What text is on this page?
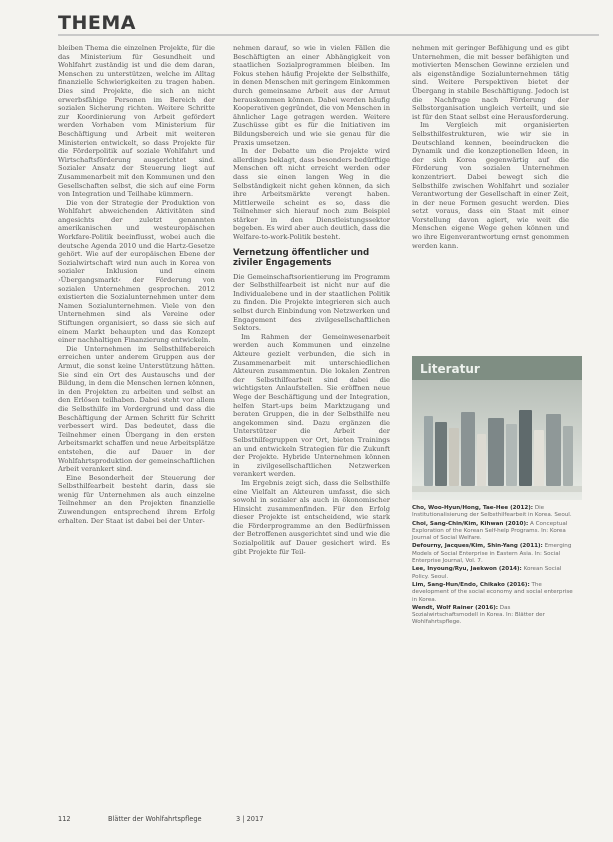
THEMA

bleiben Thema die einzelnen Projekte, für die das Ministerium für Gesundheit und Wohlfahrt zuständig ist und die dem daran, Menschen zu unterstützen, welche im Alltag finanzielle Schwierigkeiten zu tragen haben. Dies sind Projekte, die sich an nicht erwerbsfähige Personen im Bereich der sozialen Sicherung richten. Weitere Schritte zur Koordinierung von Arbeit gefördert werden Vorhaben vom Ministerium für Beschäftigung und Arbeit mit weiteren Ministerien entwickelt, so dass Projekte für die Förderpolitik auf soziale Wohlfahrt und Wirtschaftsförderung ausgerichtet sind. Sozialer Ansatz der Steuerung liegt auf Zusammenarbeit mit den Kommunen und den Gesellschaften selbst, die sich auf eine Form von Integration und Teilhabe kümmern.

Die von der Strategie der Produktion von Wohlfahrt abweichenden Aktivitäten sind angesichts der zuletzt genannten amerikanischen und westeuropäischen Workfare-Politik beeinflusst, wobei auch die deutsche Agenda 2010 und die Hartz-Gesetze gehört. Wie auf der europäischen Ebene der Sozialwirtschaft wird nun auch in Korea von sozialer Inklusion und einem ›Übergangsmarkt‹ der Förderung von sozialen Unternehmen gesprochen. 2012 existierten die Sozialunternehmen unter dem Namen Sozialunternehmen. Viele von den Unternehmen sind als Vereine oder Stiftungen organisiert, so dass sie sich auf einem Markt behaupten und das Konzept einer nachhaltigen Finanzierung entwickeln.

Die Unternehmen im Selbsthilfebereich erreichen unter anderem Gruppen aus der Armut, die sonst keine Unterstützung hätten. Sie sind ein Ort des Austauschs und der Bildung, in dem die Menschen lernen können, in den Projekten zu arbeiten und selbst an den Erlösen teilhaben. Dabei steht vor allem die Selbsthilfe im Vordergrund und dass die Beschäftigung der Armen Schritt für Schritt verbessert wird. Das bedeutet, dass die Teilnehmer einen Übergang in den ersten Arbeitsmarkt schaffen und neue Arbeitsplätze entstehen, die auf Dauer in der Wohlfahrtsproduktion der gemeinschaftlichen Arbeit verankert sind.

Eine Besonderheit der Steuerung der Selbsthilfearbeit besteht darin, dass sie wenig für Unternehmen als auch einzelne Teilnehmer an den Projekten finanzielle Zuwendungen entsprechend ihrem Erfolg erhalten. Der Staat ist dabei bei der Unter-

nehmen darauf, so wie in vielen Fällen die Beschäftigten an einer Abhängigkeit von staatlichen Sozialprogrammen bleiben. Im Fokus stehen häufig Projekte der Selbsthilfe, in denen Menschen mit geringem Einkommen durch gemeinsame Arbeit aus der Armut herauskommen können. Dabei werden häufig Kooperativen gegründet, die von Menschen in ähnlicher Lage getragen werden. Weitere Zuschüsse gibt es für die Initiativen im Bildungsbereich und wie sie genau für die Praxis umsetzen.

In der Debatte um die Projekte wird allerdings beklagt, dass besonders bedürftige Menschen oft nicht erreicht werden oder dass sie einen langen Weg in die Selbständigkeit nicht gehen können, da sich ihre Arbeitsmärkte verengt haben. Mittlerweile scheint es so, dass die Teilnehmer sich hierauf noch zum Beispiel stärker in den Dienstleistungssektor begeben. Es wird aber auch deutlich, dass die Welfare-to-work-Politik besteht.

Vernetzung öffentlicher und ziviler Engagements

Die Gemeinschaftsorientierung im Programm der Selbsthilfearbeit ist nicht nur auf die Individualebene und in der staatlichen Politik zu finden. Die Projekte integrieren sich auch selbst durch Einbindung von Netzwerken und Engagement des zivilgesellschaftlichen Sektors.

Im Rahmen der Gemeinwesenarbeit werden auch Kommunen und einzelne Akteure gezielt verbunden, die sich in Zusammenarbeit mit unterschiedlichen Akteuren zusammentun. Die lokalen Zentren der Selbsthilfearbeit sind dabei die wichtigsten Anlaufstellen. Sie eröffnen neue Wege der Beschäftigung und der Integration, helfen Start-ups beim Marktzugang und beraten Gruppen, die in der Selbsthilfe neu angekommen sind. Dazu ergänzen die Unterstützer die Arbeit der Selbsthilfegruppen vor Ort, bieten Trainings an und entwickeln Strategien für die Zukunft der Projekte. Hybride Unternehmen können in zivilgesellschaftlichen Netzwerken verankert werden.

Im Ergebnis zeigt sich, dass die Selbsthilfe eine Vielfalt an Akteuren umfasst, die sich sowohl in sozialer als auch in ökonomischer Hinsicht zusammenfinden. Für den Erfolg dieser Projekte ist entscheidend, wie stark die Förderprogramme an den Bedürfnissen der Betroffenen ausgerichtet sind und wie die Sozialpolitik auf Dauer gesichert wird. Es gibt Projekte für Teil-

nehmen mit geringer Befähigung und es gibt Unternehmen, die mit besser befähigten und motivierten Menschen Gewinne erzielen und als eigenständige Sozialunternehmen tätig sind. Weitere Perspektiven bietet der Übergang in stabile Beschäftigung. Jedoch ist die Nachfrage nach Förderung der Selbstorganisation ungleich verteilt, und sie ist für den Staat selbst eine Herausforderung.

Im Vergleich mit organisierten Selbsthilfestrukturen, wie wir sie in Deutschland kennen, beeindrucken die Dynamik und die konzeptionellen Ideen, in der sich Korea gegenwärtig auf die Förderung von sozialen Unternehmen konzentriert. Dabei bewegt sich die Selbsthilfe zwischen Wohlfahrt und sozialer Verantwortung der Gesellschaft in einer Zeit, in der neue Formen gesucht werden. Dies setzt voraus, dass ein Staat mit einer Vorstellung davon agiert, wie weit die Menschen eigene Wege gehen können und wo ihre Eigenverantwortung ernst genommen werden kann.

Literatur

Cho, Woo-Hyun/Hong, Tae-Hee (2012): Die Institutionalisierung der Selbsthilfearbeit in Korea. Seoul.

Choi, Sang-Chin/Kim, Kihwan (2010): A Conceptual Exploration of the Korean Self-help Programs. In: Korea Journal of Social Welfare.

Defourny, Jacques/Kim, Shin-Yang (2011): Emerging Models of Social Enterprise in Eastern Asia. In: Social Enterprise Journal, Vol. 7.

Lee, Inyoung/Ryu, Jaekwon (2014): Korean Social Policy. Seoul.

Lim, Sang-Hun/Endo, Chikako (2016): The development of the social economy and social enterprise in Korea.

Wendt, Wolf Rainer (2016): Das Sozialwirtschaftsmodell in Korea. In: Blätter der Wohlfahrtspflege.

112	Blätter der Wohlfahrtspflege	3 | 2017
